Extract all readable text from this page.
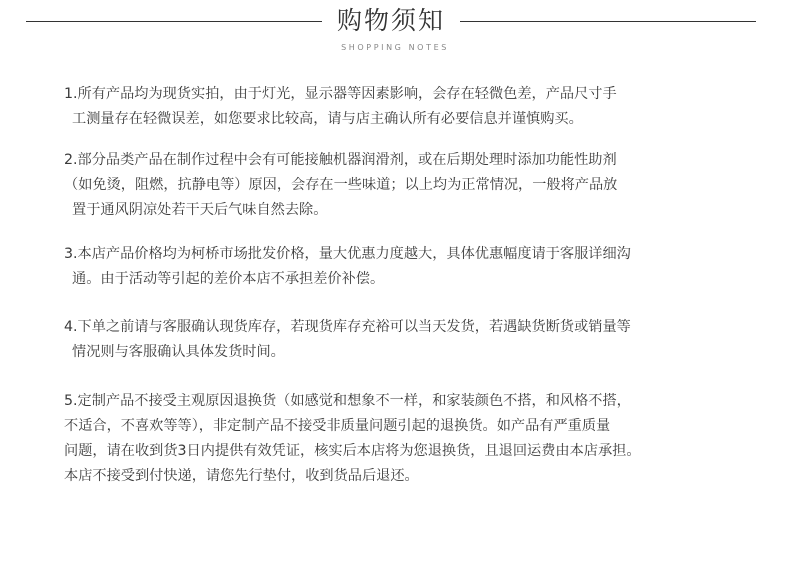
购物须知
SHOPPING NOTES
1.所有产品均为现货实拍，由于灯光，显示器等因素影响，会存在轻微色差，产品尺寸手
工测量存在轻微误差，如您要求比较高，请与店主确认所有必要信息并谨慎购买。
2.部分品类产品在制作过程中会有可能接触机器润滑剂，或在后期处理时添加功能性助剂
（如免烫，阻燃，抗静电等）原因，会存在一些味道；以上均为正常情况，一般将产品放
置于通风阴凉处若干天后气味自然去除。
3.本店产品价格均为柯桥市场批发价格，量大优惠力度越大，具体优惠幅度请于客服详细沟
通。由于活动等引起的差价本店不承担差价补偿。
4.下单之前请与客服确认现货库存，若现货库存充裕可以当天发货，若遇缺货断货或销量等
情况则与客服确认具体发货时间。
5.定制产品不接受主观原因退换货（如感觉和想象不一样，和家装颜色不搭，和风格不搭，
不适合，不喜欢等等），非定制产品不接受非质量问题引起的退换货。如产品有严重质量
问题，请在收到货3日内提供有效凭证，核实后本店将为您退换货，且退回运费由本店承担。
本店不接受到付快递，请您先行垫付，收到货品后退还。
